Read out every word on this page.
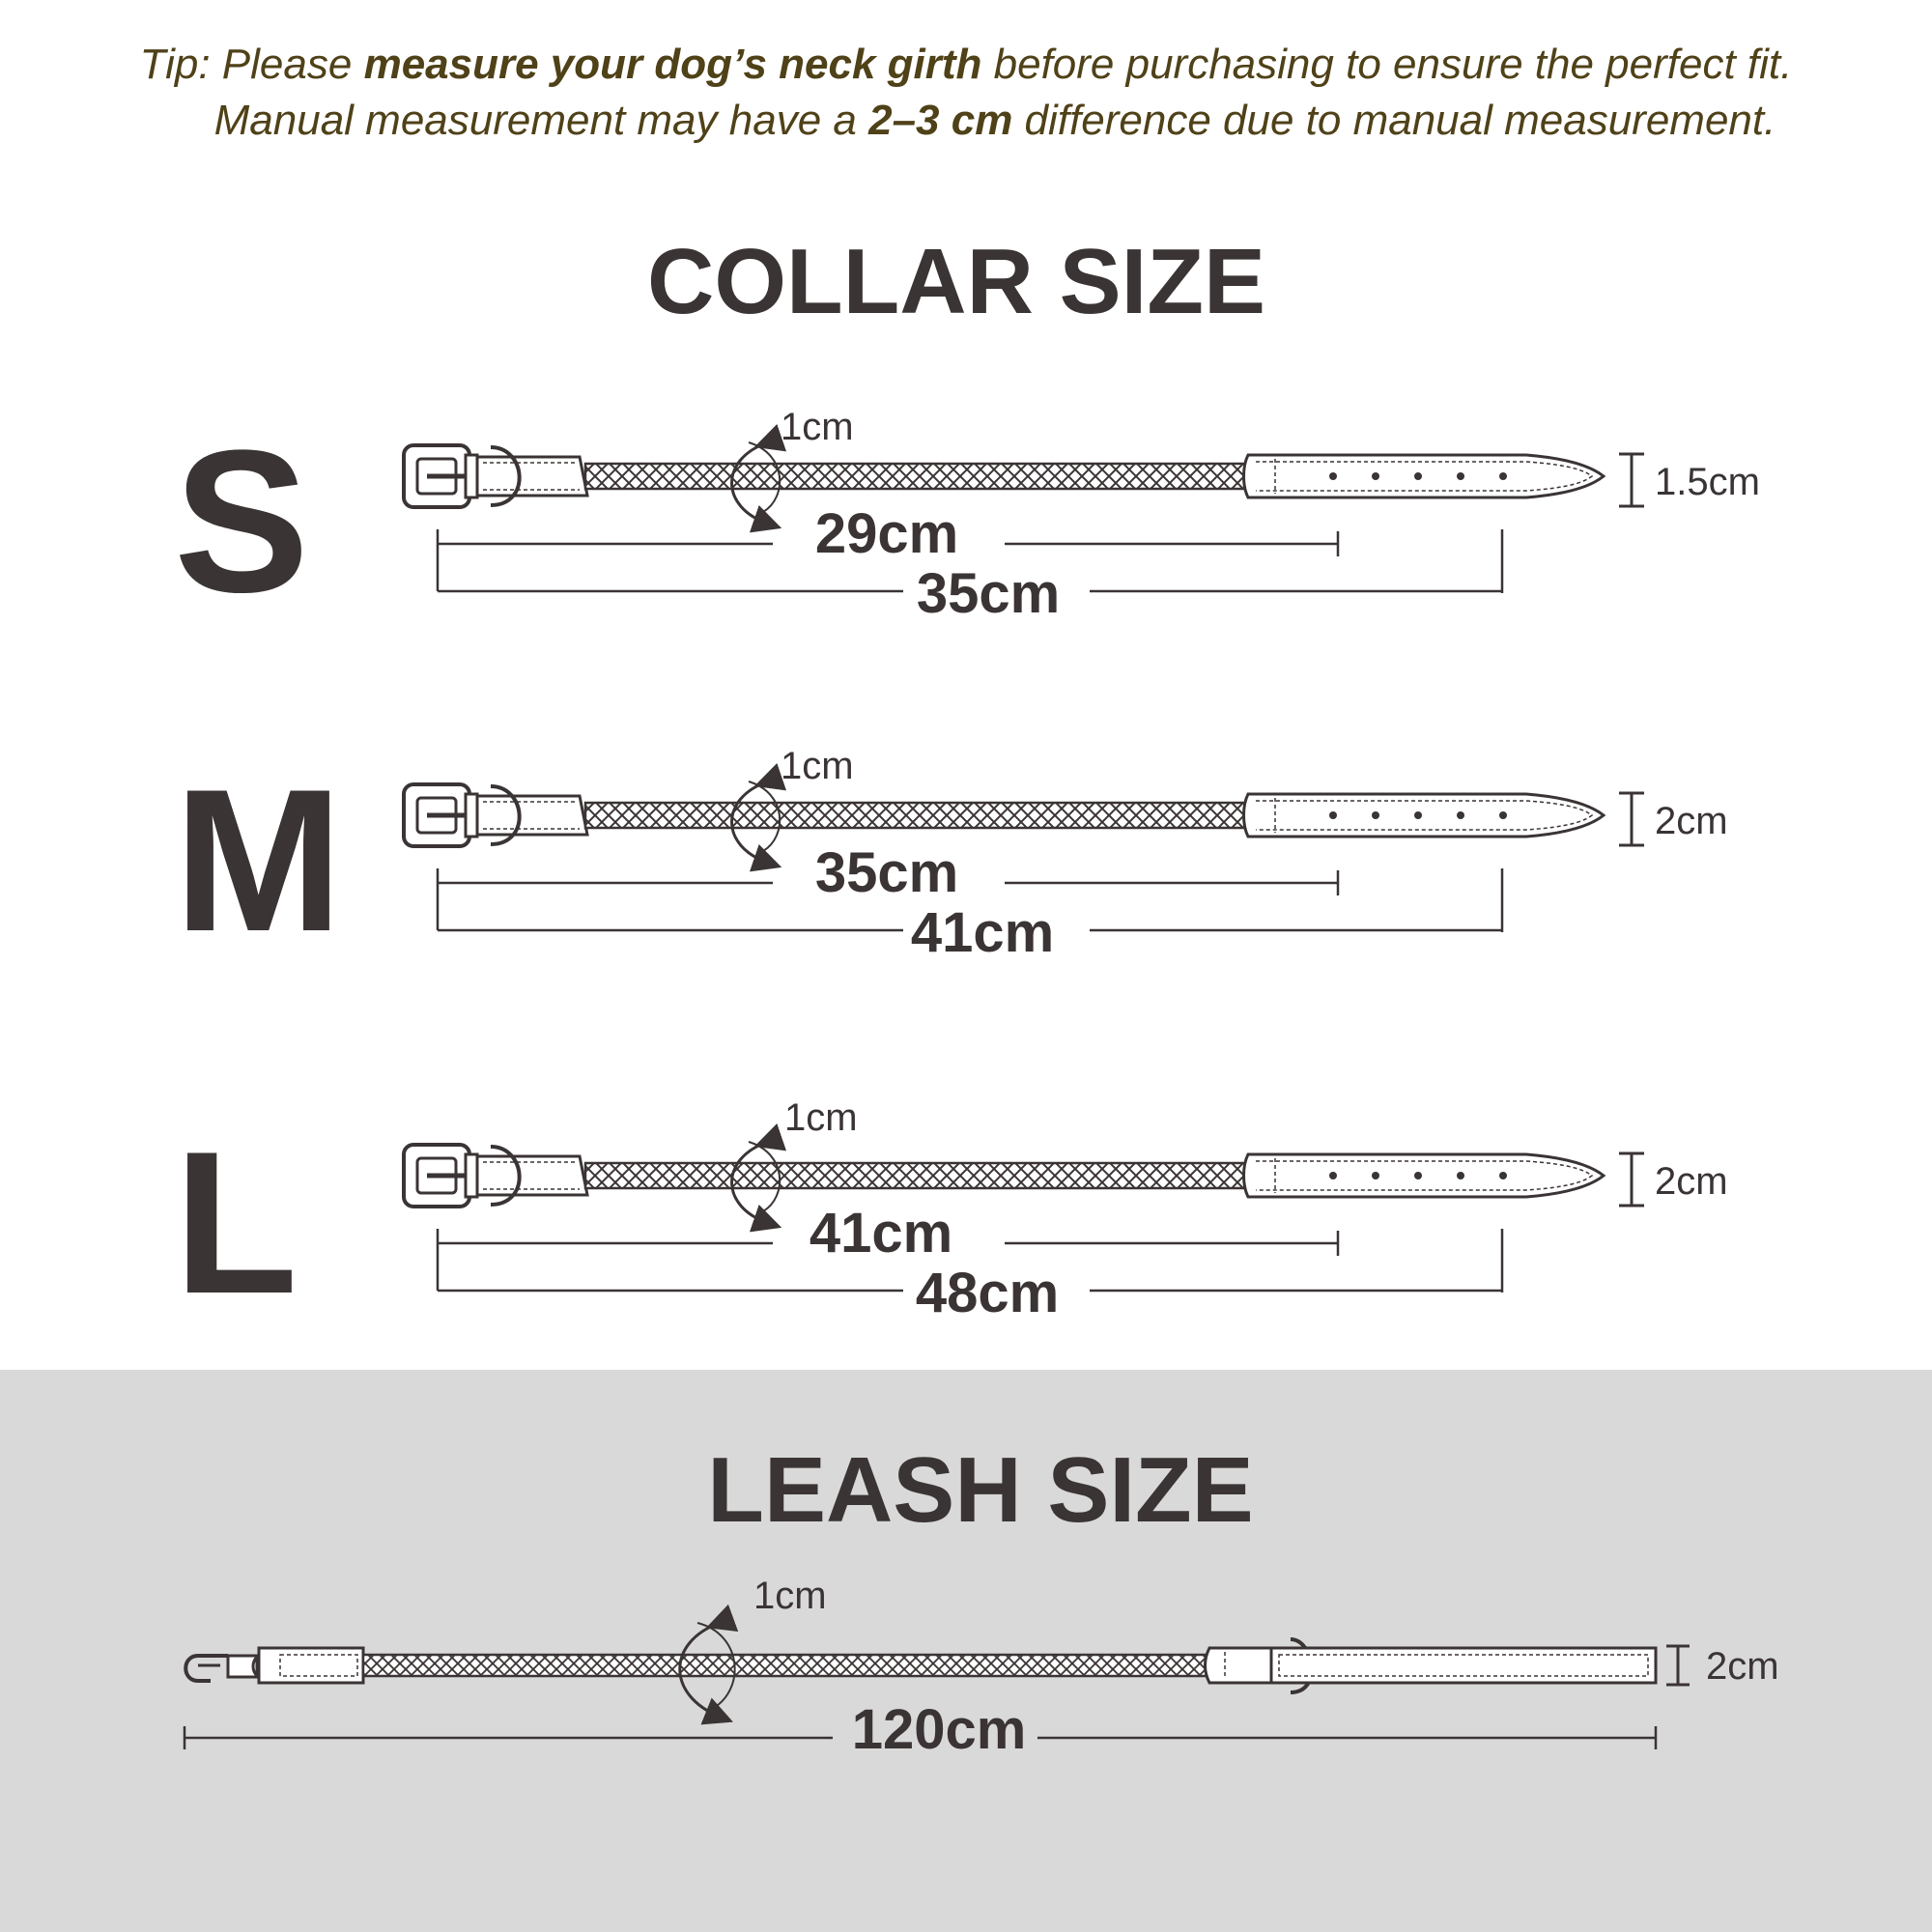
Tip: Please measure your dog’s neck girth before purchasing to ensure the perfect fit.
Manual measurement may have a 2–3 cm difference due to manual measurement.
COLLAR SIZE
LEASH SIZE
S	1cm
29cm
35cm
1.5cm
M	1cm
35cm
41cm
2cm
L	1cm
41cm
48cm
2cm
1cm
120cm
2cm
